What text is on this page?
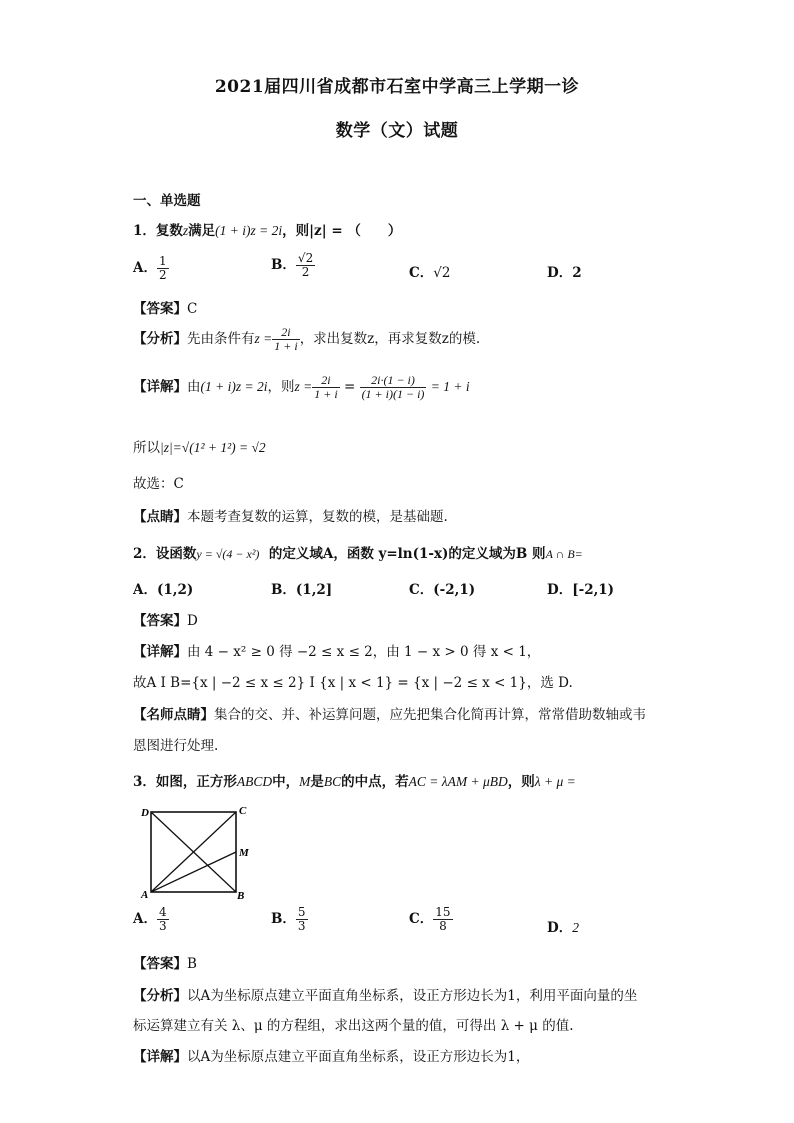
2021届四川省成都市石室中学高三上学期一诊
数学（文）试题
一、单选题
1．复数z满足(1 + i)z = 2i，则|z| = （　　）
A． $\frac{1}{2}$	B． $\frac{√2}{2}$	C．√2	D．2
【答案】C
【分析】先由条件有$z = \frac{2i}{1 + i}$ ，求出复数z，再求复数z的模.
【详解】由(1 + i)z = 2i，则$z = \frac{2i}{1 + i} = \frac{2i\cdot(1 - i)}{(1 + i)(1 - i)} = 1 + i$
所以|z|=√(1² + 1²) = √2
故选：C
【点睛】本题考查复数的运算，复数的模，是基础题.
2．设函数y = √(4 − x²) 的定义域A，函数 y=ln(1-x)的定义域为B 则A ∩ B=
A．(1,2)	B．(1,2]	C．(-2,1)	D．[-2,1)
【答案】D
【详解】由 4 − x² ≥ 0 得 −2 ≤ x ≤ 2，由 1 − x > 0 得 x < 1，
故A I B={x | −2 ≤ x ≤ 2} I {x | x < 1} = {x | −2 ≤ x < 1}，选 D.
【名师点睛】集合的交、并、补运算问题，应先把集合化简再计算，常常借助数轴或韦
恩图进行处理.
3．如图，正方形ABCD中，M是BC的中点，若AC = λAM + μBD，则λ + μ =
D	C
M
A	B
A． $\frac{4}{3}$	B． $\frac{5}{3}$	C． $\frac{15}{8}$	D．2
【答案】B
【分析】以A为坐标原点建立平面直角坐标系，设正方形边长为1，利用平面向量的坐
标运算建立有关 λ、μ 的方程组，求出这两个量的值，可得出 λ + μ 的值.
【详解】以A为坐标原点建立平面直角坐标系，设正方形边长为1，
